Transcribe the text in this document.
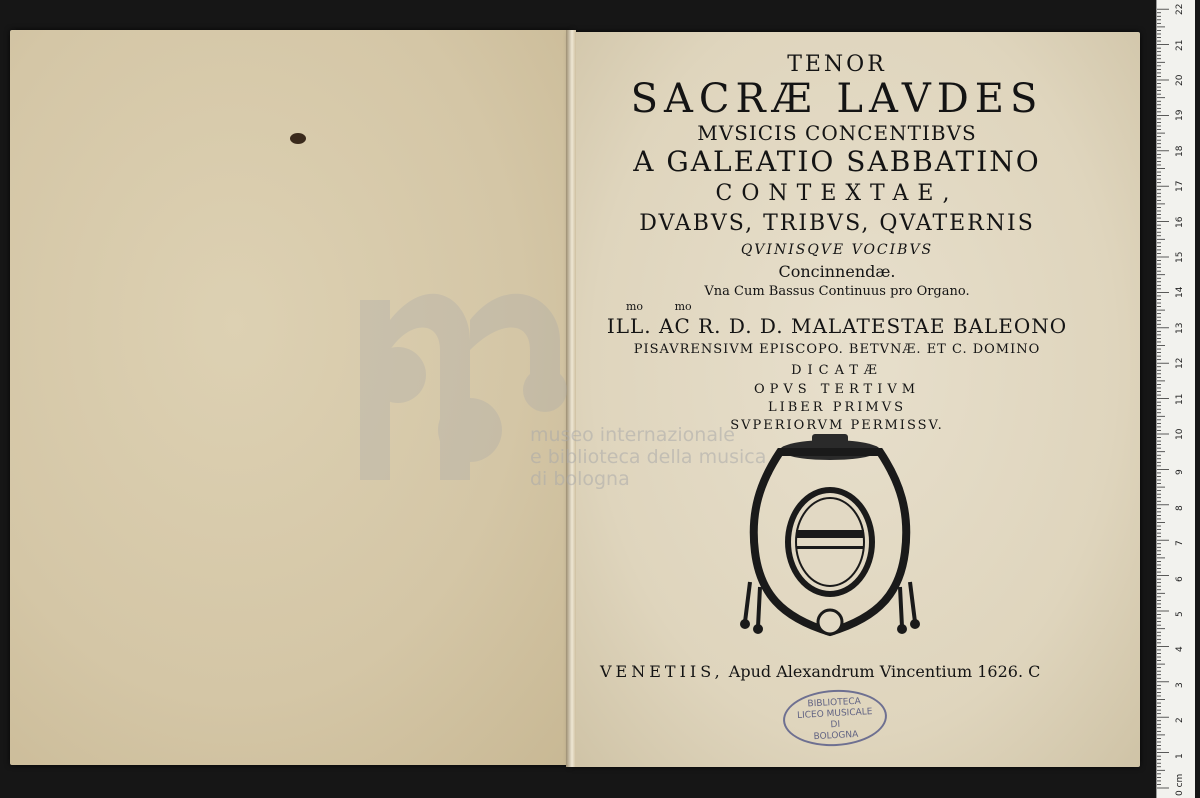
museo internazionale
e biblioteca della musica
di bologna
TENOR
SACRÆ LAVDES
MVSICIS CONCENTIBVS
A GALEATIO SABBATINO
CONTEXTAE,
DVABVS, TRIBVS, QVATERNIS
QVINISQVE VOCIBVS
Concinnendæ.
Vna Cum Bassus Continuus pro Organo.
mo	mo
ILL. AC R. D. D. MALATESTAE BALEONO
PISAVRENSIVM EPISCOPO. BETVNÆ. ET C. DOMINO
DICATÆ
OPVS TERTIVM
LIBER PRIMVS
SVPERIORVM PERMISSV.
VENETIIS, Apud Alexandrum Vincentium 1626. C
BIBLIOTECA
LICEO MUSICALE
DI
BOLOGNA
0 cm
1
2
3
4
5
6
7
8
9
10
11
12
13
14
15
16
17
18
19
20
21
22
